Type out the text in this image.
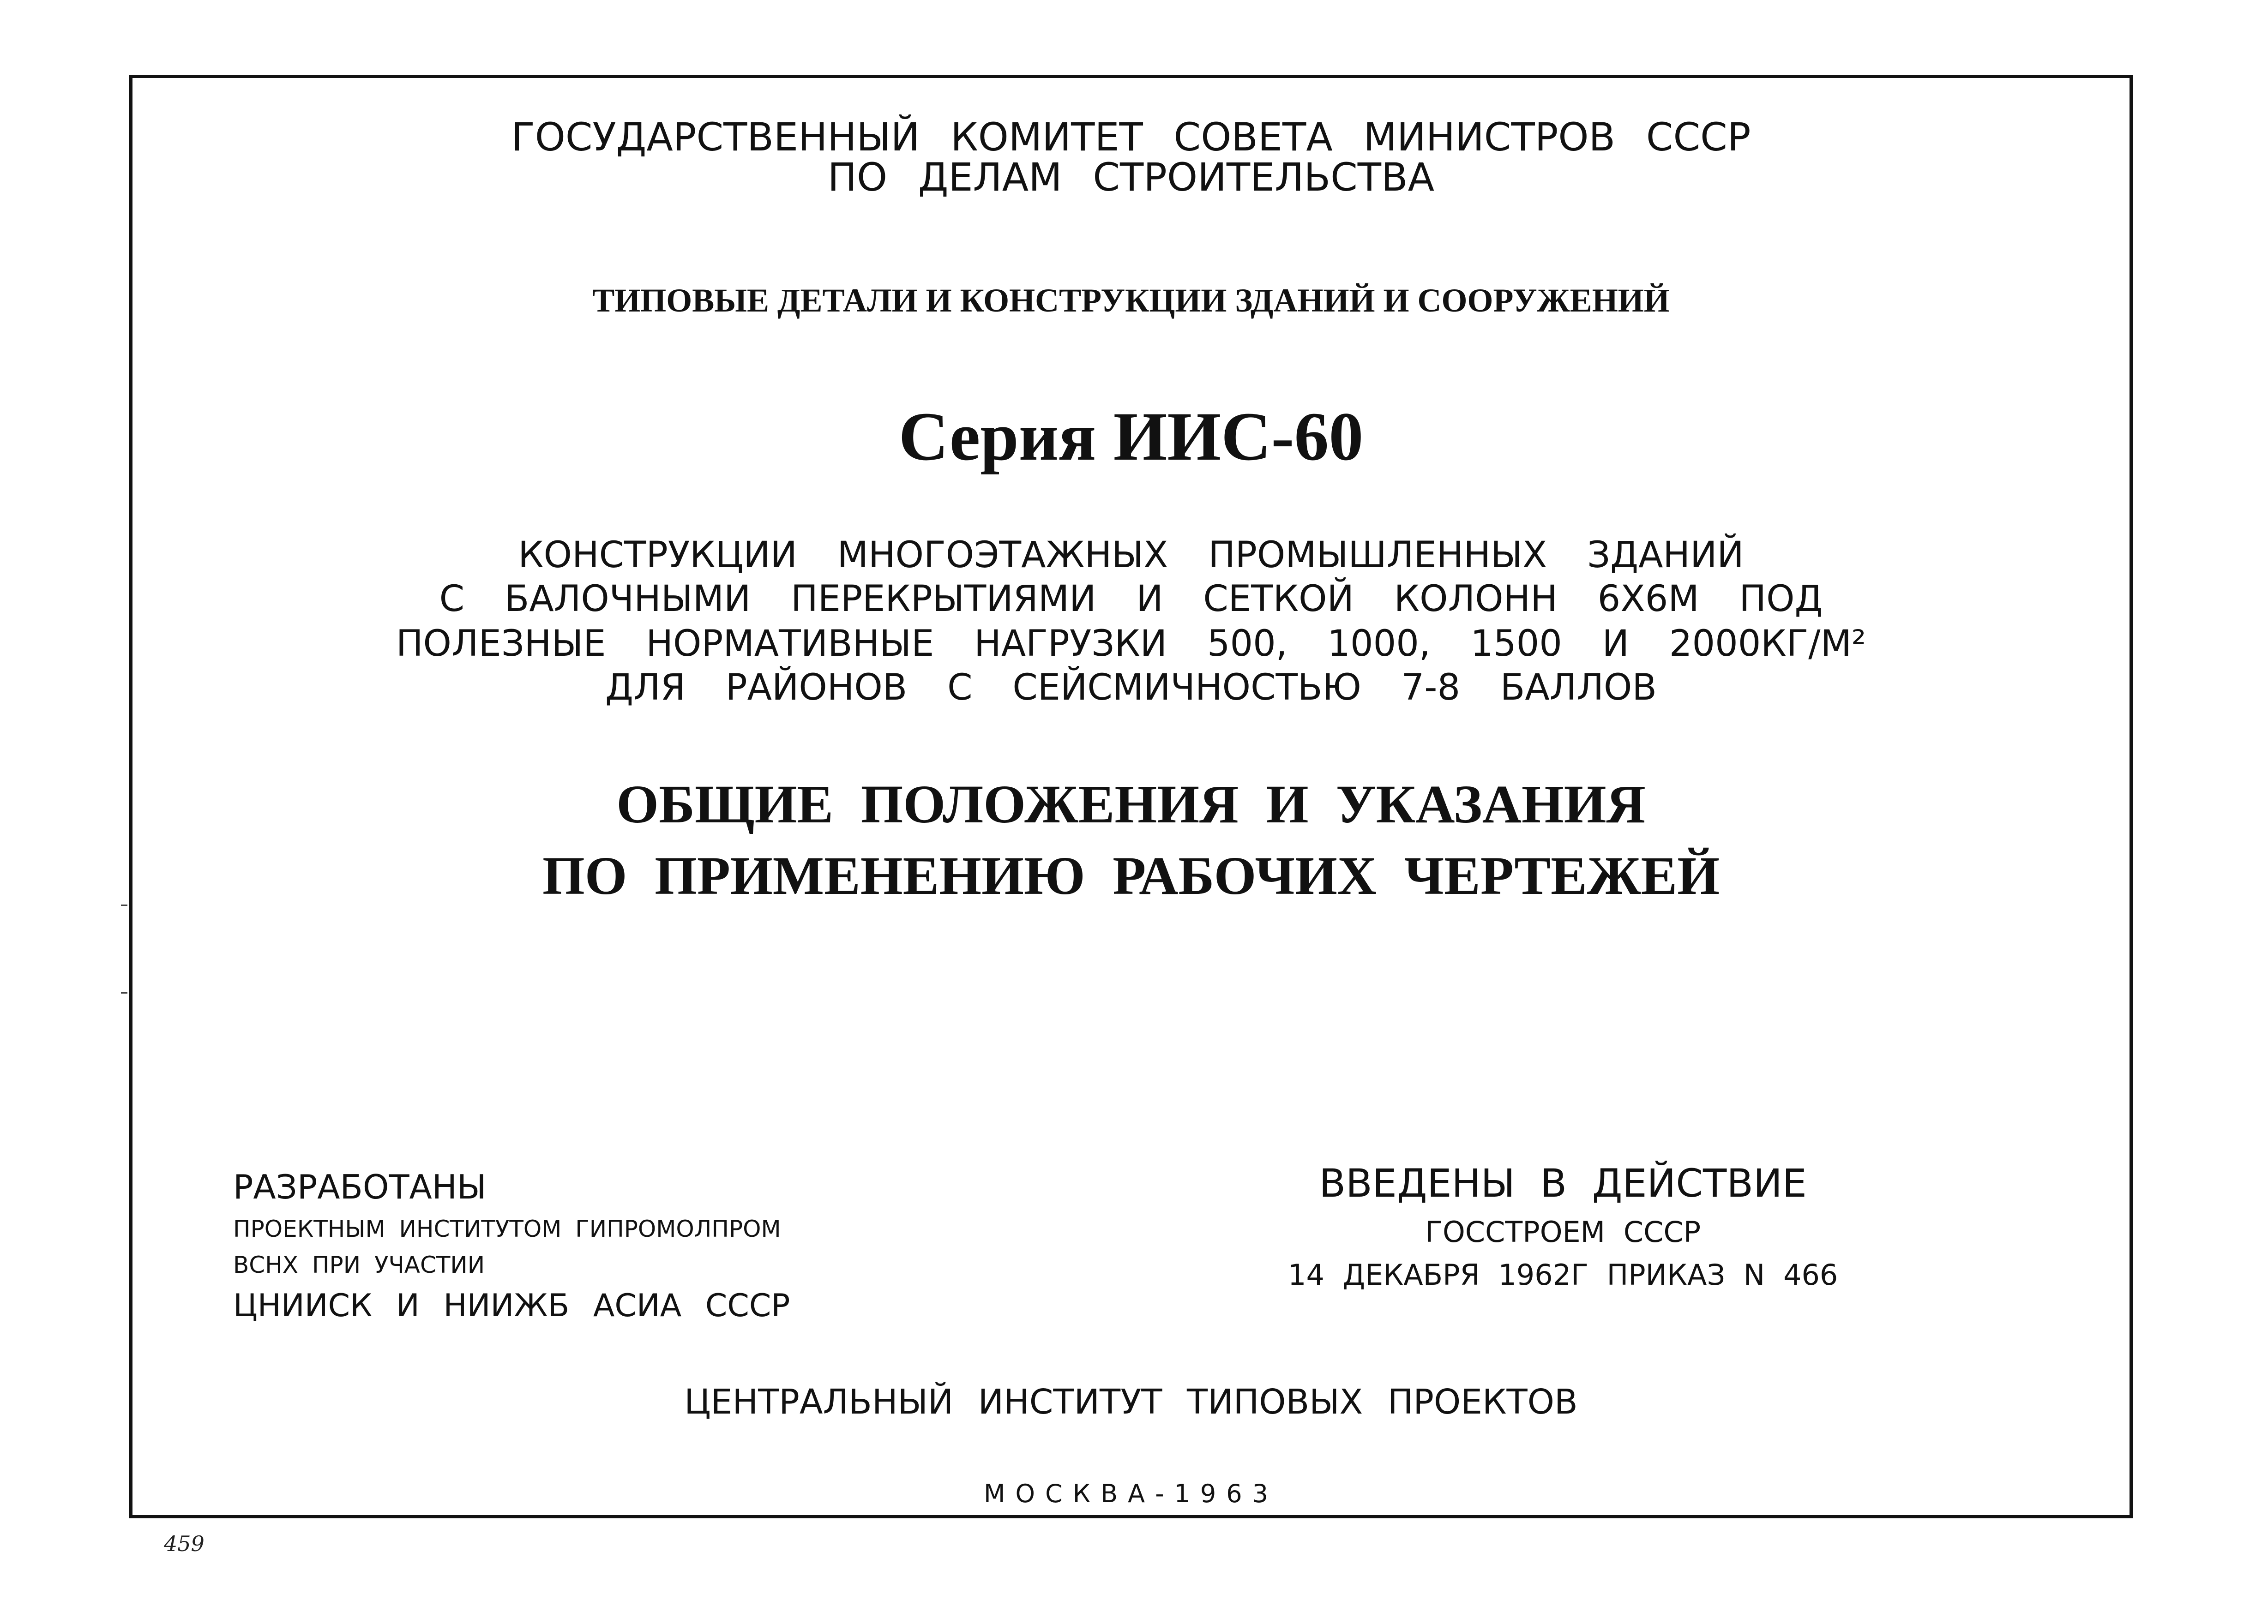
ГОСУДАРСТВЕННЫЙ КОМИТЕТ СОВЕТА МИНИСТРОВ СССР
ПО ДЕЛАМ СТРОИТЕЛЬСТВА
ТИПОВЫЕ ДЕТАЛИ И КОНСТРУКЦИИ ЗДАНИЙ И СООРУЖЕНИЙ
Серия ИИС-60
КОНСТРУКЦИИ МНОГОЭТАЖНЫХ ПРОМЫШЛЕННЫХ ЗДАНИЙ
С БАЛОЧНЫМИ ПЕРЕКРЫТИЯМИ И СЕТКОЙ КОЛОНН 6Х6М ПОД
ПОЛЕЗНЫЕ НОРМАТИВНЫЕ НАГРУЗКИ 500, 1000, 1500 И 2000КГ/М²
ДЛЯ РАЙОНОВ С СЕЙСМИЧНОСТЬЮ 7-8 БАЛЛОВ
ОБЩИЕ ПОЛОЖЕНИЯ И УКАЗАНИЯ
ПО ПРИМЕНЕНИЮ РАБОЧИХ ЧЕРТЕЖЕЙ
РАЗРАБОТАНЫ
ПРОЕКТНЫМ ИНСТИТУТОМ ГИПРОМОЛПРОМ
ВСНХ ПРИ УЧАСТИИ
ЦНИИСК И НИИЖБ АСИА СССР
ВВЕДЕНЫ В ДЕЙСТВИЕ
ГОССТРОЕМ СССР
14 ДЕКАБРЯ 1962Г ПРИКАЗ N 466
ЦЕНТРАЛЬНЫЙ ИНСТИТУТ ТИПОВЫХ ПРОЕКТОВ
МОСКВА-1963
459
